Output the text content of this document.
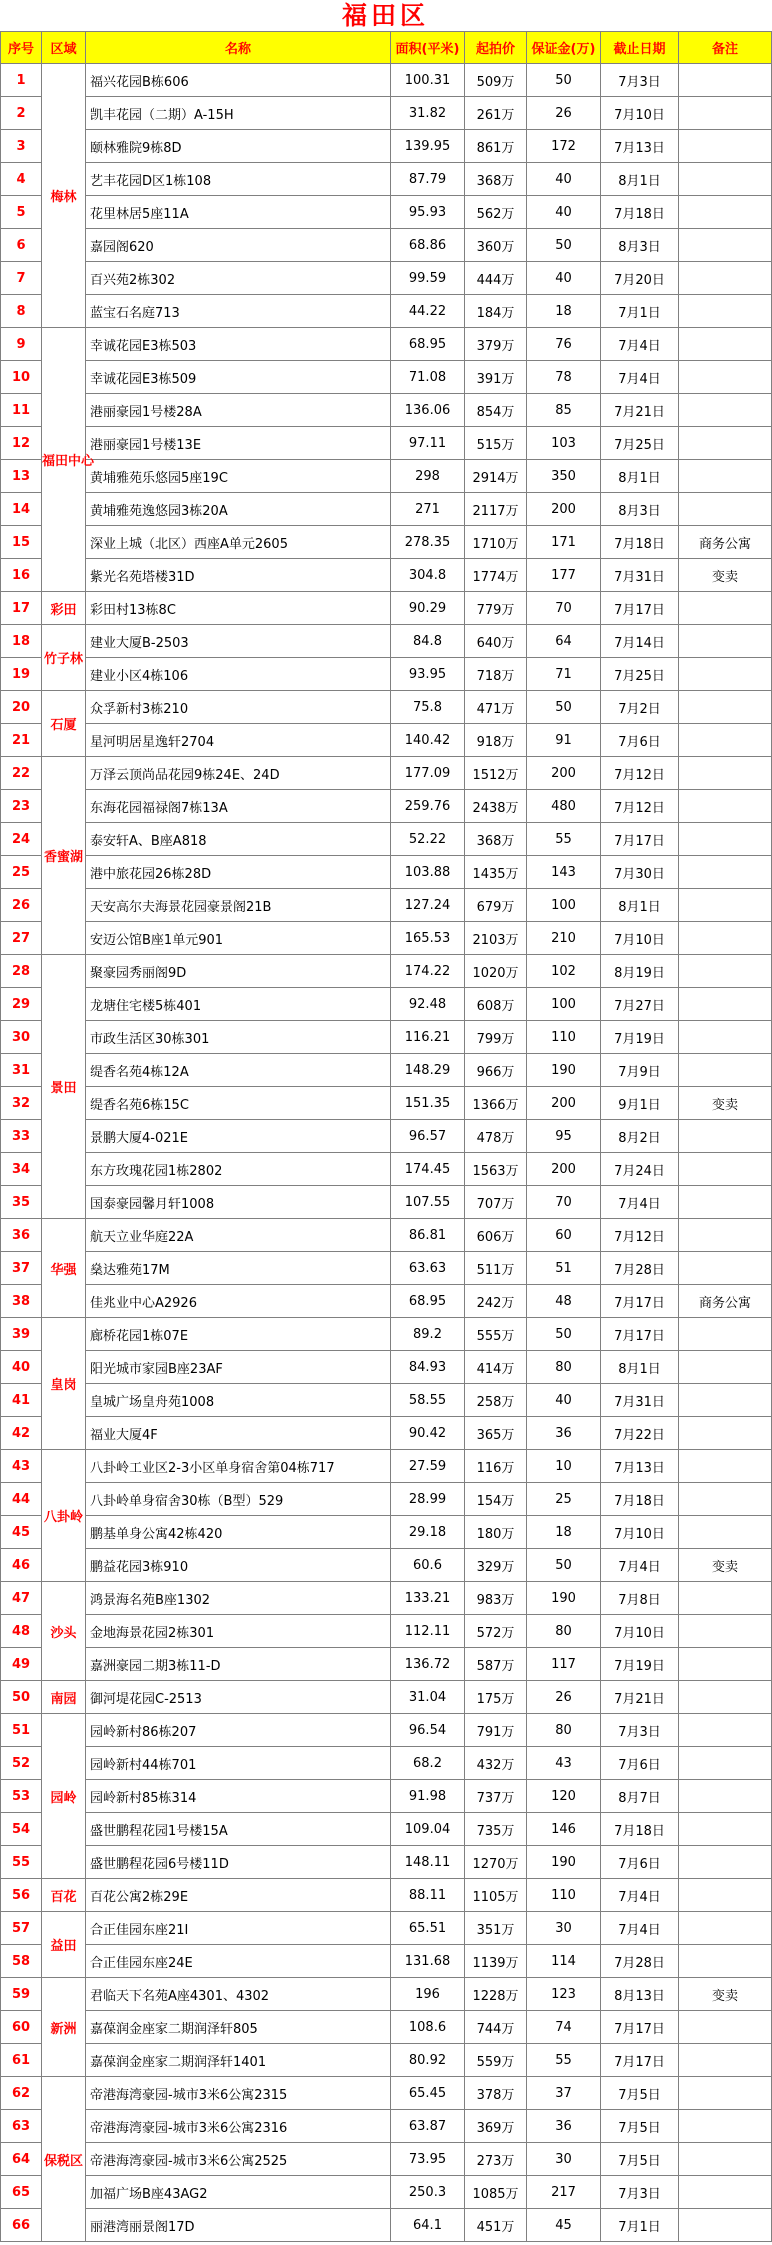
福田区
序号	区域	名称	面积(平米)	起拍价	保证金(万)	截止日期	备注
1	梅林	福兴花园B栋606	100.31	509万	50	7月3日	
2		凯丰花园（二期）A-15H	31.82	261万	26	7月10日	
3		颐林雅院9栋8D	139.95	861万	172	7月13日	
4		艺丰花园D区1栋108	87.79	368万	40	8月1日	
5		花里林居5座11A	95.93	562万	40	7月18日	
6		嘉园阁620	68.86	360万	50	8月3日	
7		百兴苑2栋302	99.59	444万	40	7月20日	
8		蓝宝石名庭713	44.22	184万	18	7月1日	
9	福田中心	幸诚花园E3栋503	68.95	379万	76	7月4日	
10		幸诚花园E3栋509	71.08	391万	78	7月4日	
11		港丽豪园1号楼28A	136.06	854万	85	7月21日	
12		港丽豪园1号楼13E	97.11	515万	103	7月25日	
13		黄埔雅苑乐悠园5座19C	298	2914万	350	8月1日	
14		黄埔雅苑逸悠园3栋20A	271	2117万	200	8月3日	
15		深业上城（北区）西座A单元2605	278.35	1710万	171	7月18日	商务公寓
16		紫光名苑塔楼31D	304.8	1774万	177	7月31日	变卖
17	彩田	彩田村13栋8C	90.29	779万	70	7月17日	
18	竹子林	建业大厦B-2503	84.8	640万	64	7月14日	
19		建业小区4栋106	93.95	718万	71	7月25日	
20	石厦	众孚新村3栋210	75.8	471万	50	7月2日	
21		星河明居星逸轩2704	140.42	918万	91	7月6日	
22	香蜜湖	万泽云顶尚品花园9栋24E、24D	177.09	1512万	200	7月12日	
23		东海花园福禄阁7栋13A	259.76	2438万	480	7月12日	
24		泰安轩A、B座A818	52.22	368万	55	7月17日	
25		港中旅花园26栋28D	103.88	1435万	143	7月30日	
26		天安高尔夫海景花园豪景阁21B	127.24	679万	100	8月1日	
27		安迈公馆B座1单元901	165.53	2103万	210	7月10日	
28	景田	聚豪园秀丽阁9D	174.22	1020万	102	8月19日	
29		龙塘住宅楼5栋401	92.48	608万	100	7月27日	
30		市政生活区30栋301	116.21	799万	110	7月19日	
31		缇香名苑4栋12A	148.29	966万	190	7月9日	
32		缇香名苑6栋15C	151.35	1366万	200	9月1日	变卖
33		景鹏大厦4-021E	96.57	478万	95	8月2日	
34		东方玫瑰花园1栋2802	174.45	1563万	200	7月24日	
35		国泰豪园馨月轩1008	107.55	707万	70	7月4日	
36	华强	航天立业华庭22A	86.81	606万	60	7月12日	
37		燊达雅苑17M	63.63	511万	51	7月28日	
38		佳兆业中心A2926	68.95	242万	48	7月17日	商务公寓
39	皇岗	廊桥花园1栋07E	89.2	555万	50	7月17日	
40		阳光城市家园B座23AF	84.93	414万	80	8月1日	
41		皇城广场皇舟苑1008	58.55	258万	40	7月31日	
42		福业大厦4F	90.42	365万	36	7月22日	
43	八卦岭	八卦岭工业区2-3小区单身宿舍第04栋717	27.59	116万	10	7月13日	
44		八卦岭单身宿舍30栋（B型）529	28.99	154万	25	7月18日	
45		鹏基单身公寓42栋420	29.18	180万	18	7月10日	
46		鹏益花园3栋910	60.6	329万	50	7月4日	变卖
47	沙头	鸿景海名苑B座1302	133.21	983万	190	7月8日	
48		金地海景花园2栋301	112.11	572万	80	7月10日	
49		嘉洲豪园二期3栋11-D	136.72	587万	117	7月19日	
50	南园	御河堤花园C-2513	31.04	175万	26	7月21日	
51	园岭	园岭新村86栋207	96.54	791万	80	7月3日	
52		园岭新村44栋701	68.2	432万	43	7月6日	
53		园岭新村85栋314	91.98	737万	120	8月7日	
54		盛世鹏程花园1号楼15A	109.04	735万	146	7月18日	
55		盛世鹏程花园6号楼11D	148.11	1270万	190	7月6日	
56	百花	百花公寓2栋29E	88.11	1105万	110	7月4日	
57	益田	合正佳园东座21I	65.51	351万	30	7月4日	
58		合正佳园东座24E	131.68	1139万	114	7月28日	
59	新洲	君临天下名苑A座4301、4302	196	1228万	123	8月13日	变卖
60		嘉葆润金座家二期润泽轩805	108.6	744万	74	7月17日	
61		嘉葆润金座家二期润泽轩1401	80.92	559万	55	7月17日	
62	保税区	帝港海湾豪园-城市3米6公寓2315	65.45	378万	37	7月5日	
63		帝港海湾豪园-城市3米6公寓2316	63.87	369万	36	7月5日	
64		帝港海湾豪园-城市3米6公寓2525	73.95	273万	30	7月5日	
65		加福广场B座43AG2	250.3	1085万	217	7月3日	
66		丽港湾丽景阁17D	64.1	451万	45	7月1日	
